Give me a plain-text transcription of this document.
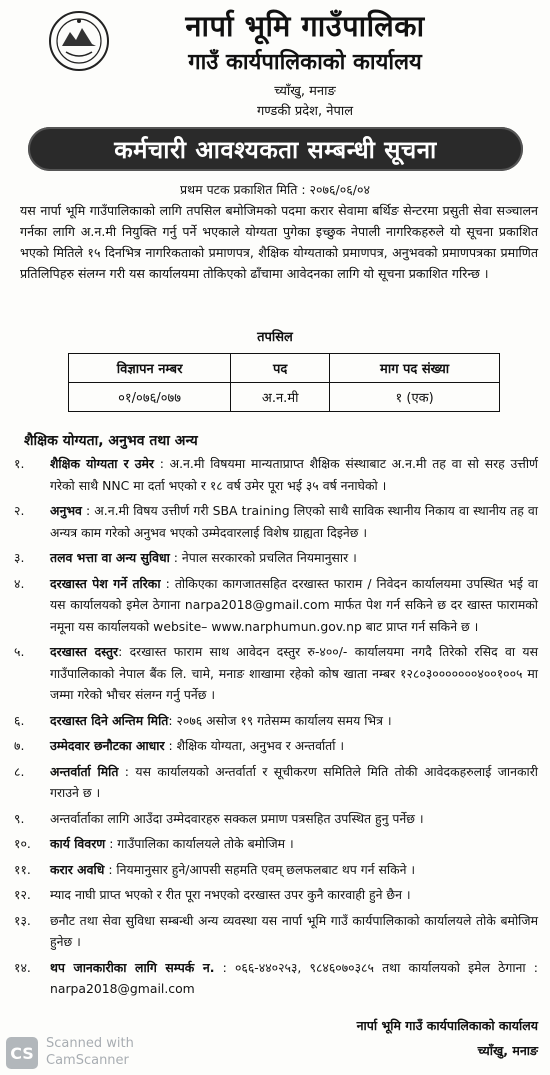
नार्पा भूमि गाउँपालिका
गाउँ कार्यपालिकाको कार्यालय
च्याँखु, मनाङ
गण्डकी प्रदेश, नेपाल
कर्मचारी आवश्यकता सम्बन्धी सूचना
प्रथम पटक प्रकाशित मिति : २०७६/०६/०४
यस नार्पा भूमि गाउँपालिकाको लागि तपसिल बमोजिमको पदमा करार सेवामा बर्थिङ सेन्टरमा प्रसुती सेवा सञ्चालन गर्नका लागि अ.न.मी नियुक्ति गर्नु पर्ने भएकाले योग्यता पुगेका इच्छुक नेपाली नागरिकहरुले यो सूचना प्रकाशित भएको मितिले १५ दिनभित्र नागरिकताको प्रमाणपत्र, शैक्षिक योग्यताको प्रमाणपत्र, अनुभवको प्रमाणपत्रका प्रमाणित प्रतिलिपिहरु संलग्न गरी यस कार्यालयमा तोकिएको ढाँचामा आवेदनका लागि यो सूचना प्रकाशित गरिन्छ ।
तपसिल
विज्ञापन नम्बर	पद	माग पद संख्या
०१/०७६/०७७	अ.न.मी	१ (एक)
शैक्षिक योग्यता, अनुभव तथा अन्य
१.	शैक्षिक योग्यता र उमेर : अ.न.मी विषयमा मान्यताप्राप्त शैक्षिक संस्थाबाट अ.न.मी तह वा सो सरह उत्तीर्ण गरेको साथै NNC मा दर्ता भएको र १८ वर्ष उमेर पूरा भई ३५ वर्ष ननाघेको ।
२.	अनुभव : अ.न.मी विषय उत्तीर्ण गरी SBA training लिएको साथै साविक स्थानीय निकाय वा स्थानीय तह वा अन्यत्र काम गरेको अनुभव भएको उम्मेदवारलाई विशेष ग्राह्यता दिइनेछ ।
३.	तलव भत्ता वा अन्य सुविधा : नेपाल सरकारको प्रचलित नियमानुसार ।
४.	दरखास्त पेश गर्ने तरिका : तोकिएका कागजातसहित दरखास्त फाराम / निवेदन कार्यालयमा उपस्थित भई वा यस कार्यालयको इमेल ठेगाना narpa2018@gmail.com मार्फत पेश गर्न सकिने छ दर खास्त फारामको नमूना यस कार्यालयको website– www.narphumun.gov.np बाट प्राप्त गर्न सकिने छ ।
५.	दरखास्त दस्तुर: दरखास्त फाराम साथ आवेदन दस्तुर रु-४००/- कार्यालयमा नगदै तिरेको रसिद वा यस गाउँपालिकाको नेपाल बैंक लि. चामे, मनाङ शाखामा रहेको कोष खाता नम्बर १२८०३०००००००४००१००५ मा जम्मा गरेको भौचर संलग्न गर्नु पर्नेछ ।
६.	दरखास्त दिने अन्तिम मिति: २०७६ असोज १९ गतेसम्म कार्यालय समय भित्र ।
७.	उम्मेदवार छनौटका आधार : शैक्षिक योग्यता, अनुभव र अन्तर्वार्ता ।
८.	अन्तर्वार्ता मिति : यस कार्यालयको अन्तर्वार्ता र सूचीकरण समितिले मिति तोकी आवेदकहरुलाई जानकारी गराउने छ ।
९.	अन्तर्वार्ताका लागि आउँदा उम्मेदवारहरु सक्कल प्रमाण पत्रसहित उपस्थित हुनु पर्नेछ ।
१०.	कार्य विवरण : गाउँपालिका कार्यालयले तोके बमोजिम ।
११.	करार अवधि : नियमानुसार हुने/आपसी सहमति एवम् छलफलबाट थप गर्न सकिने ।
१२.	म्याद नाघी प्राप्त भएको र रीत पूरा नभएको दरखास्त उपर कुनै कारवाही हुने छैन ।
१३.	छनौट तथा सेवा सुविधा सम्बन्धी अन्य व्यवस्था यस नार्पा भूमि गाउँ कार्यपालिकाको कार्यालयले तोके बमोजिम हुनेछ ।
१४.	थप जानकारीका लागि सम्पर्क न. : ०६६-४४०२५३, ९८४६०७०३८५ तथा कार्यालयको इमेल ठेगाना : narpa2018@gmail.com
नार्पा भूमि गाउँ कार्यपालिकाको कार्यालय
च्याँखु, मनाङ
CS Scanned with
CamScanner
